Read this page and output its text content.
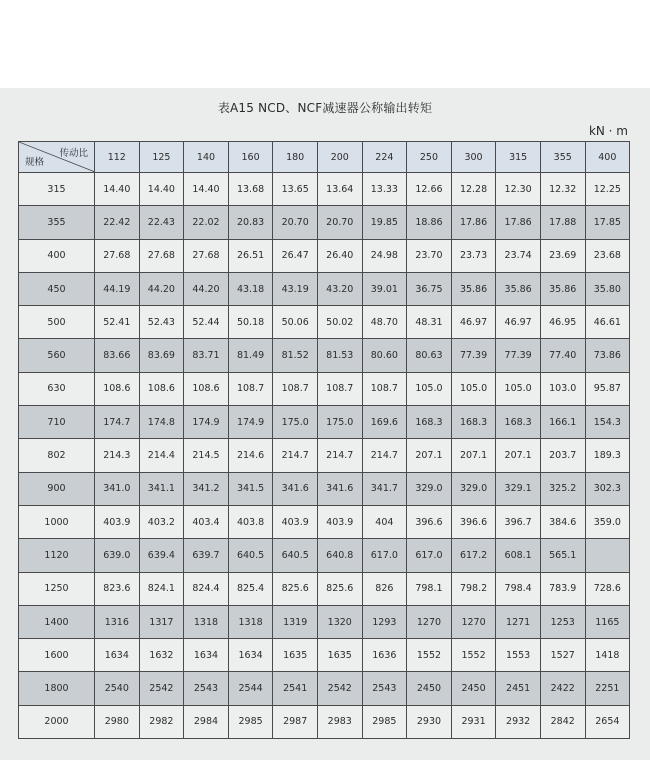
表A15 NCD、NCF减速器公称输出转矩
kN · m
传动比
规格	112	125	140	160	180	200	224	250	300	315	355	400
315	14.40	14.40	14.40	13.68	13.65	13.64	13.33	12.66	12.28	12.30	12.32	12.25
355	22.42	22.43	22.02	20.83	20.70	20.70	19.85	18.86	17.86	17.86	17.88	17.85
400	27.68	27.68	27.68	26.51	26.47	26.40	24.98	23.70	23.73	23.74	23.69	23.68
450	44.19	44.20	44.20	43.18	43.19	43.20	39.01	36.75	35.86	35.86	35.86	35.80
500	52.41	52.43	52.44	50.18	50.06	50.02	48.70	48.31	46.97	46.97	46.95	46.61
560	83.66	83.69	83.71	81.49	81.52	81.53	80.60	80.63	77.39	77.39	77.40	73.86
630	108.6	108.6	108.6	108.7	108.7	108.7	108.7	105.0	105.0	105.0	103.0	95.87
710	174.7	174.8	174.9	174.9	175.0	175.0	169.6	168.3	168.3	168.3	166.1	154.3
802	214.3	214.4	214.5	214.6	214.7	214.7	214.7	207.1	207.1	207.1	203.7	189.3
900	341.0	341.1	341.2	341.5	341.6	341.6	341.7	329.0	329.0	329.1	325.2	302.3
1000	403.9	403.2	403.4	403.8	403.9	403.9	404	396.6	396.6	396.7	384.6	359.0
1120	639.0	639.4	639.7	640.5	640.5	640.8	617.0	617.0	617.2	608.1	565.1	
1250	823.6	824.1	824.4	825.4	825.6	825.6	826	798.1	798.2	798.4	783.9	728.6
1400	1316	1317	1318	1318	1319	1320	1293	1270	1270	1271	1253	1165
1600	1634	1632	1634	1634	1635	1635	1636	1552	1552	1553	1527	1418
1800	2540	2542	2543	2544	2541	2542	2543	2450	2450	2451	2422	2251
2000	2980	2982	2984	2985	2987	2983	2985	2930	2931	2932	2842	2654
